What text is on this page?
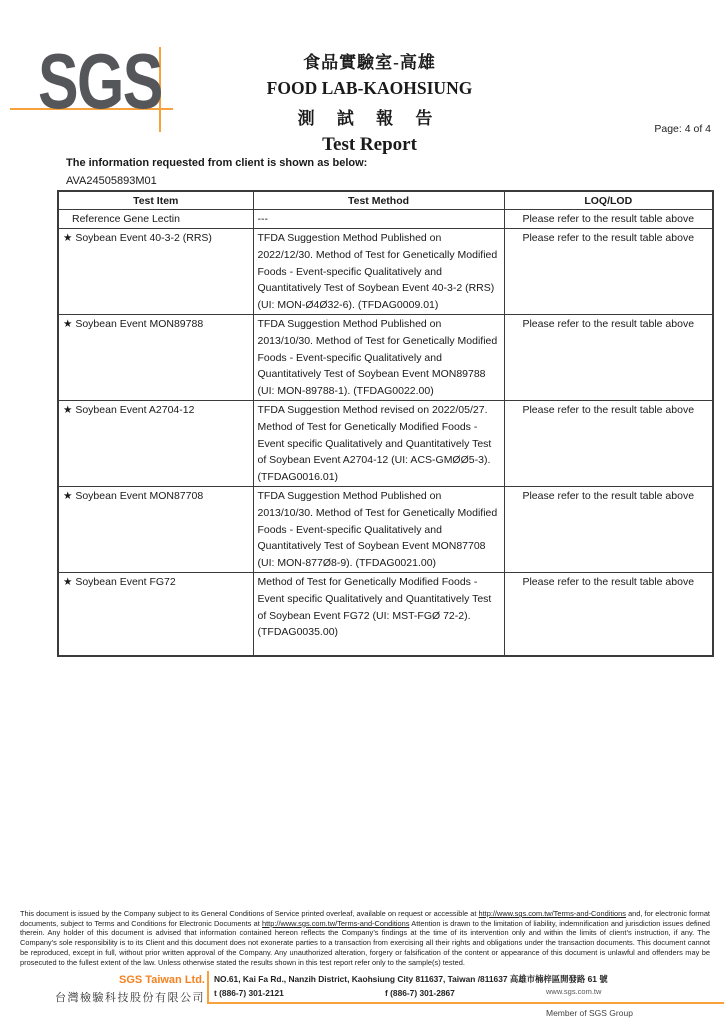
SGS	食品實驗室-高雄
FOOD LAB-KAOHSIUNG
測 試 報 告
Test Report
Page: 4 of 4
The information requested from client is shown as below:
AVA24505893M01
Test Item	Test Method	LOQ/LOD
Reference Gene Lectin	---	Please refer to the result table above
★ Soybean Event 40-3-2 (RRS)	TFDA Suggestion Method Published on 2022/12/30. Method of Test for Genetically Modified Foods - Event-specific Qualitatively and Quantitatively Test of Soybean Event 40-3-2 (RRS) (UI: MON-Ø4Ø32-6). (TFDAG0009.01)	Please refer to the result table above
★ Soybean Event MON89788	TFDA Suggestion Method Published on 2013/10/30. Method of Test for Genetically Modified Foods - Event-specific Qualitatively and Quantitatively Test of Soybean Event MON89788 (UI: MON-89788-1). (TFDAG0022.00)	Please refer to the result table above
★ Soybean Event A2704-12	TFDA Suggestion Method revised on 2022/05/27. Method of Test for Genetically Modified Foods - Event specific Qualitatively and Quantitatively Test of Soybean Event A2704-12 (UI: ACS-GMØØ5-3).(TFDAG0016.01)	Please refer to the result table above
★ Soybean Event MON87708	TFDA Suggestion Method Published on 2013/10/30. Method of Test for Genetically Modified Foods - Event-specific Qualitatively and Quantitatively Test of Soybean Event MON87708 (UI: MON-877Ø8-9). (TFDAG0021.00)	Please refer to the result table above
★ Soybean Event FG72	Method of Test for Genetically Modified Foods - Event specific Qualitatively and Quantitatively Test of Soybean Event FG72 (UI: MST-FGØ 72-2). (TFDAG0035.00)	Please refer to the result table above
This document is issued by the Company subject to its General Conditions of Service printed overleaf, available on request or accessible at http://www.sgs.com.tw/Terms-and-Conditions and, for electronic format documents, subject to Terms and Conditions for Electronic Documents at http://www.sgs.com.tw/Terms-and-Conditions Attention is drawn to the limitation of liability, indemnification and jurisdiction issues defined therein. Any holder of this document is advised that information contained hereon reflects the Company’s findings at the time of its intervention only and within the limits of client’s instruction, if any. The Company’s sole responsibility is to its Client and this document does not exonerate parties to a transaction from exercising all their rights and obligations under the transaction documents. This document cannot be reproduced, except in full, without prior written approval of the Company. Any unauthorized alteration, forgery or falsification of the content or appearance of this document is unlawful and offenders may be prosecuted to the fullest extent of the law. Unless otherwise stated the results shown in this test report refer only to the sample(s) tested.
SGS Taiwan Ltd.
台灣檢驗科技股份有限公司
NO.61, Kai Fa Rd., Nanzih District, Kaohsiung City 811637, Taiwan /811637 高雄市楠梓區開發路 61 號
t (886-7) 301-2121	f (886-7) 301-2867	www.sgs.com.tw
Member of SGS Group
